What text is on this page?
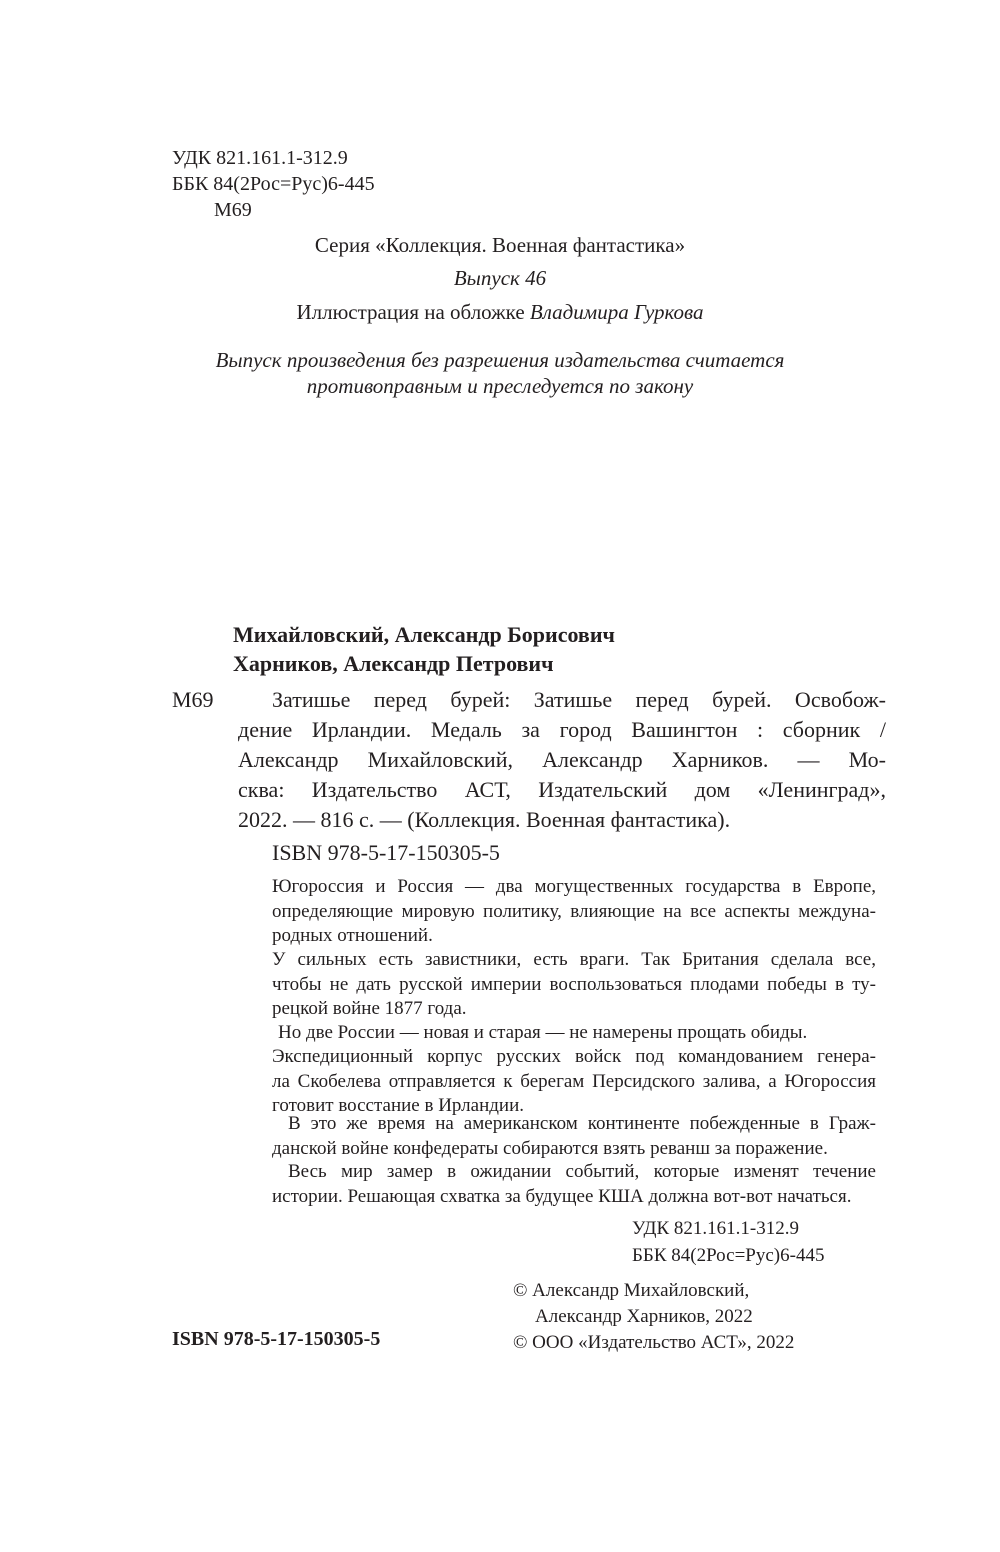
УДК 821.161.1-312.9
ББК 84(2Рос=Рус)6-445
М69
Серия «Коллекция. Военная фантастика»
Выпуск 46
Иллюстрация на обложке Владимира Гуркова
Выпуск произведения без разрешения издательства считается
противоправным и преследуется по закону
Михайловский, Александр Борисович
Харников, Александр Петрович
М69	Затишье перед бурей: Затишье перед бурей. Освобож-
дение Ирландии. Медаль за город Вашингтон : сборник /
Александр Михайловский, Александр Харников. — Мо-
сква: Издательство АСТ, Издательский дом «Ленинград»,
2022. — 816 с. — (Коллекция. Военная фантастика).
ISBN 978-5-17-150305-5
Югороссия и Россия — два могущественных государства в Европе,
определяющие мировую политику, влияющие на все аспекты междуна-
родных отношений.
У сильных есть завистники, есть враги. Так Британия сделала все,
чтобы не дать русской империи воспользоваться плодами победы в ту-
рецкой войне 1877 года.
Но две России — новая и старая — не намерены прощать обиды.
Экспедиционный корпус русских войск под командованием генера-
ла Скобелева отправляется к берегам Персидского залива, а Югороссия
готовит восстание в Ирландии.
В это же время на американском континенте побежденные в Граж-
данской войне конфедераты собираются взять реванш за поражение.
Весь мир замер в ожидании событий, которые изменят течение
истории. Решающая схватка за будущее КША должна вот-вот начаться.
УДК 821.161.1-312.9
ББК 84(2Рос=Рус)6-445
© Александр Михайловский,
Александр Харников, 2022
© ООО «Издательство АСТ», 2022
ISBN 978-5-17-150305-5
